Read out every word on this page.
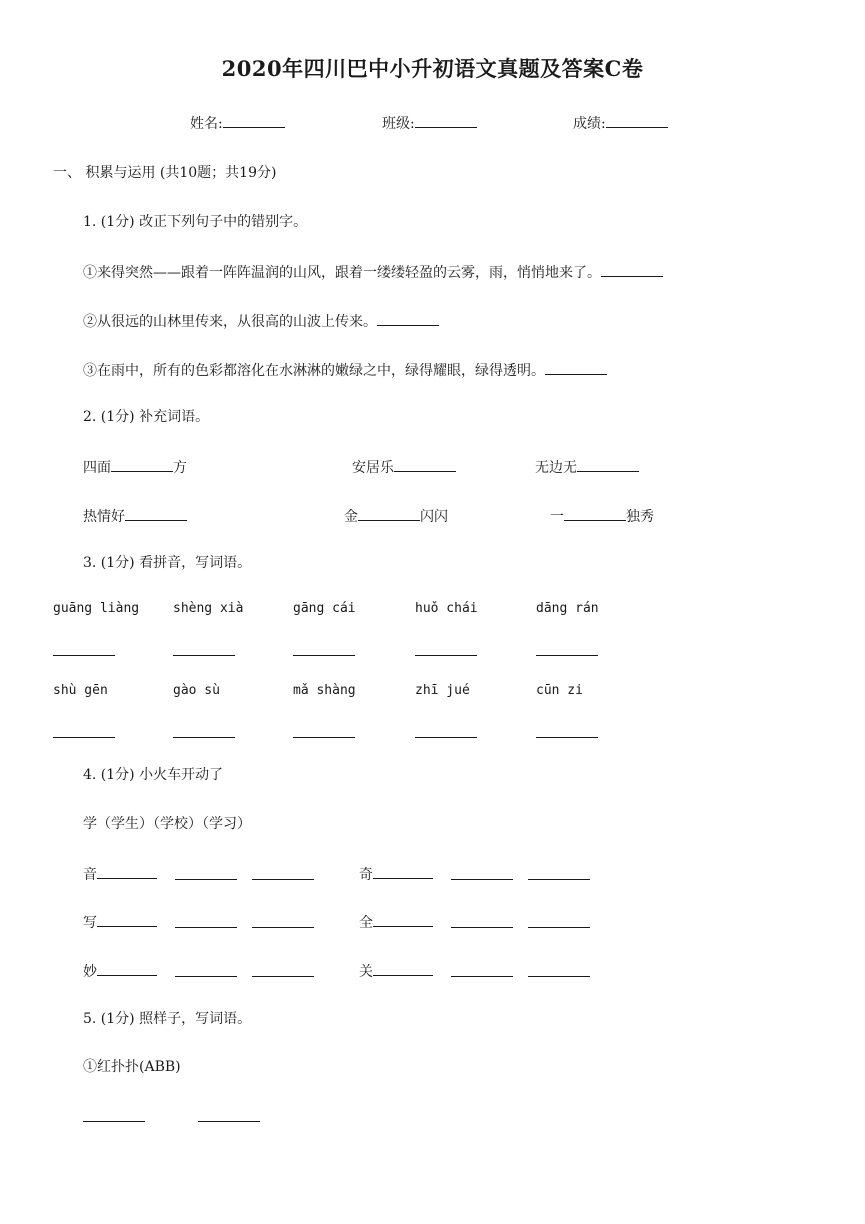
2020年四川巴中小升初语文真题及答案C卷
姓名:	班级:	成绩:
一、 积累与运用 (共10题；共19分)
1. (1分) 改正下列句子中的错别字。
①来得突然——跟着一阵阵温润的山风，跟着一缕缕轻盈的云雾，雨，悄悄地来了。
②从很远的山林里传来，从很高的山波上传来。
③在雨中，所有的色彩都溶化在水淋淋的嫩绿之中，绿得耀眼，绿得透明。
2. (1分) 补充词语。
四面	方	安居乐	无边无
热情好	金	闪闪	一	独秀
3. (1分) 看拼音，写词语。
guāng liàng	shèng xià	gāng cái	huǒ chái	dāng rán
shù gēn	gào sù	mǎ shàng	zhī jué	cūn zi
4. (1分) 小火车开动了
学（学生）（学校）（学习）
音	奇
写	全
妙	关
5. (1分) 照样子，写词语。
①红扑扑(ABB)
